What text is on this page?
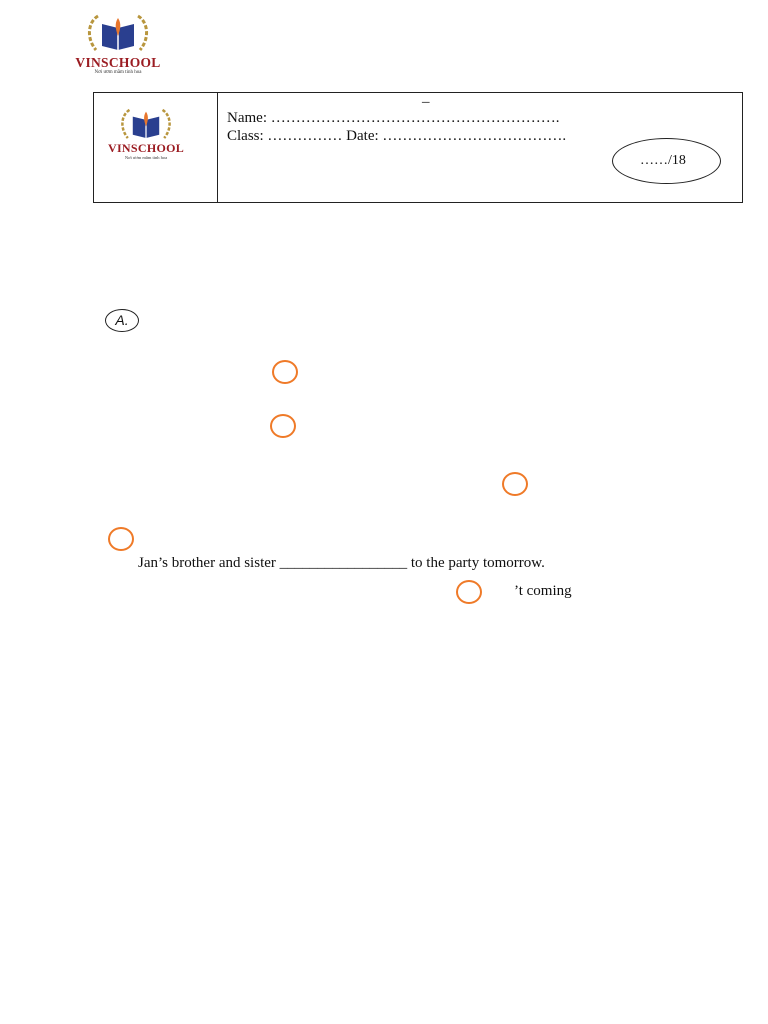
VINSCHOOL
Nơi ươm mầm tinh hoa
VINSCHOOL
Nơi ươm mầm tinh hoa
–
Name: ………………………………………………….
Class: …………… Date: ……………………………….
……/18
A.
Jan’s brother and sister _________________ to the party tomorrow.
’t coming
